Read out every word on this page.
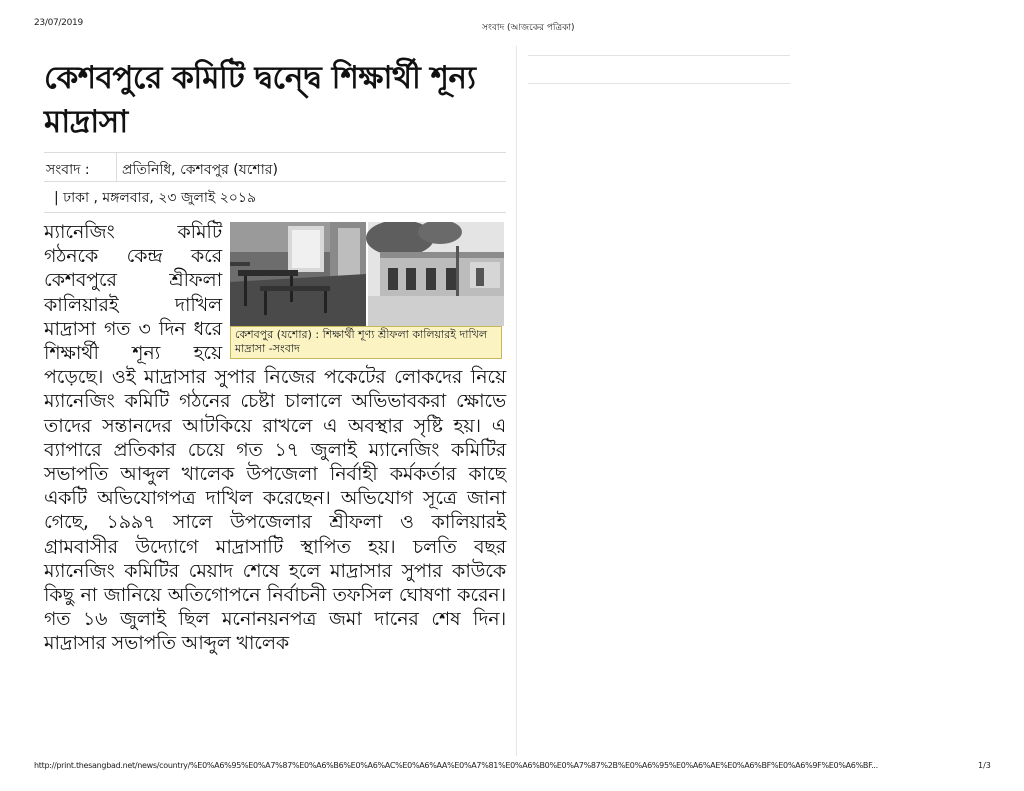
23/07/2019	সংবাদ (আজকের পত্রিকা)
কেশবপুরে কমিটি দ্বন্দ্বে শিক্ষার্থী শূন্য মাদ্রাসা
সংবাদ : প্রতিনিধি, কেশবপুর (যশোর)
| ঢাকা , মঙ্গলবার, ২৩ জুলাই ২০১৯
কেশবপুর (যশোর) : শিক্ষার্থী শূণ্য শ্রীফলা কালিয়ারই দাখিল মাদ্রাসা -সংবাদ
ম্যানেজিং কমিটি গঠনকে কেন্দ্র করে কেশবপুরে শ্রীফলা কালিয়ারই দাখিল মাদ্রাসা গত ৩ দিন ধরে শিক্ষার্থী শূন্য হয়ে পড়েছে। ওই মাদ্রাসার সুপার নিজের পকেটের লোকদের নিয়ে ম্যানেজিং কমিটি গঠনের চেষ্টা চালালে অভিভাবকরা ক্ষোভে তাদের সন্তানদের আটকিয়ে রাখলে এ অবস্থার সৃষ্টি হয়। এ ব্যাপারে প্রতিকার চেয়ে গত ১৭ জুলাই ম্যানেজিং কমিটির সভাপতি আব্দুল খালেক উপজেলা নির্বাহী কর্মকর্তার কাছে একটি অভিযোগপত্র দাখিল করেছেন। অভিযোগ সূত্রে জানা গেছে, ১৯৯৭ সালে উপজেলার শ্রীফলা ও কালিয়ারই গ্রামবাসীর উদ্যোগে মাদ্রাসাটি স্থাপিত হয়। চলতি বছর ম্যানেজিং কমিটির মেয়াদ শেষে হলে মাদ্রাসার সুপার কাউকে কিছু না জানিয়ে অতিগোপনে নির্বাচনী তফসিল ঘোষণা করেন। গত ১৬ জুলাই ছিল মনোনয়নপত্র জমা দানের শেষ দিন। মাদ্রাসার সভাপতি আব্দুল খালেক
http://print.thesangbad.net/news/country/%E0%A6%95%E0%A7%87%E0%A6%B6%E0%A6%AC%E0%A6%AA%E0%A7%81%E0%A6%B0%E0%A7%87%2B%E0%A6%95%E0%A6%AE%E0%A6%BF%E0%A6%9F%E0%A6%BF...	1/3
